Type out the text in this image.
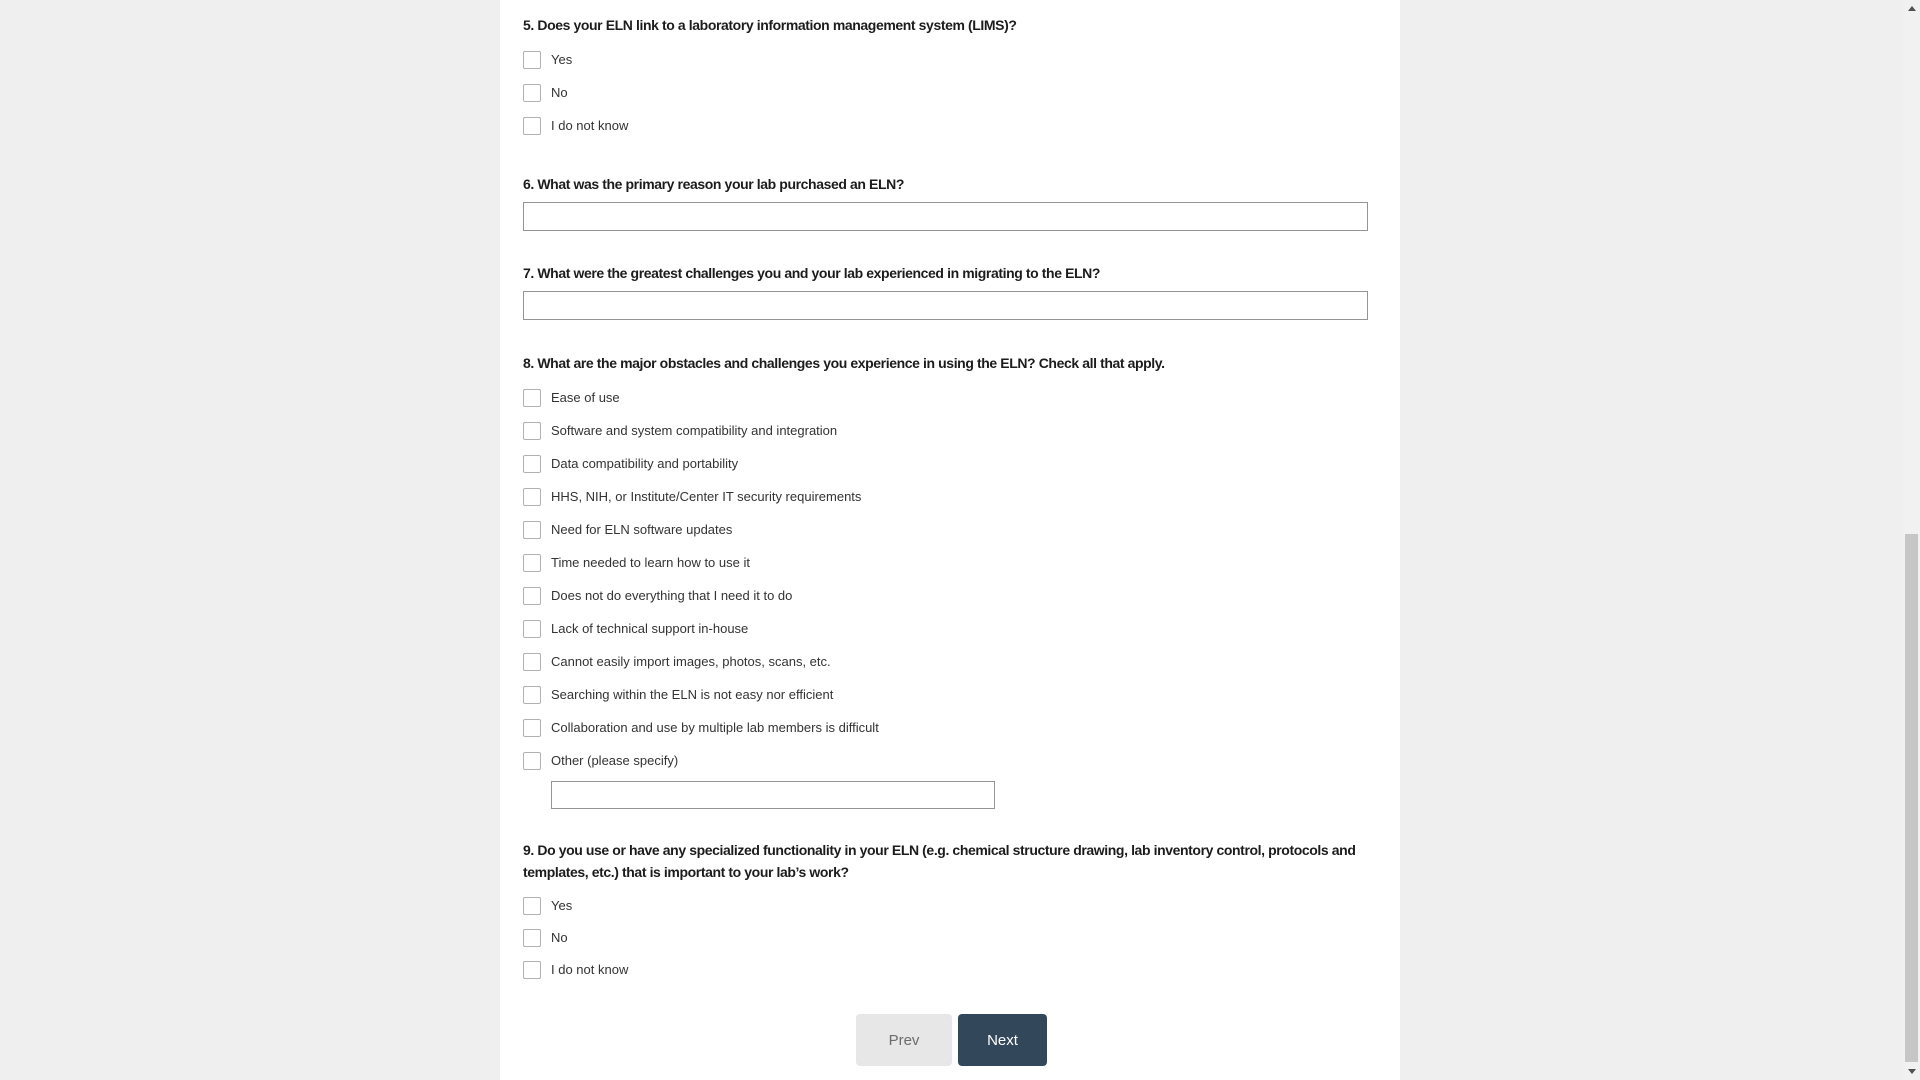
5. Does your ELN link to a laboratory information management system (LIMS)?
Yes
No
I do not know
6. What was the primary reason your lab purchased an ELN?
7. What were the greatest challenges you and your lab experienced in migrating to the ELN?
8. What are the major obstacles and challenges you experience in using the ELN? Check all that apply.
Ease of use
Software and system compatibility and integration
Data compatibility and portability
HHS, NIH, or Institute/Center IT security requirements
Need for ELN software updates
Time needed to learn how to use it
Does not do everything that I need it to do
Lack of technical support in-house
Cannot easily import images, photos, scans, etc.
Searching within the ELN is not easy nor efficient
Collaboration and use by multiple lab members is difficult
Other (please specify)
9. Do you use or have any specialized functionality in your ELN (e.g. chemical structure drawing, lab inventory control, protocols and templates, etc.) that is important to your lab’s work?
Yes
No
I do not know
Prev	Next
